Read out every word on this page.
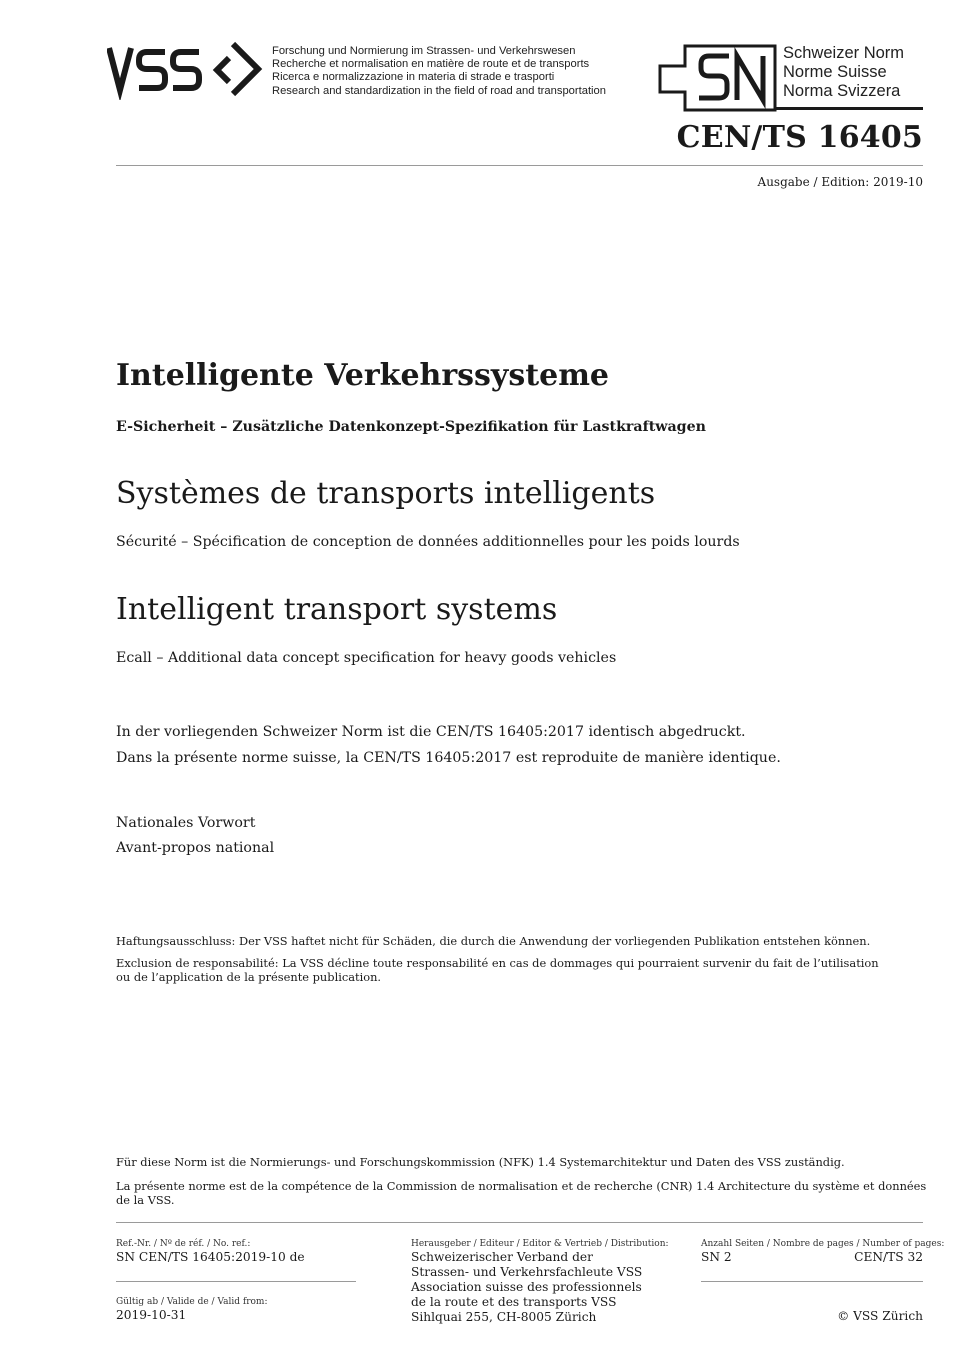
Forschung und Normierung im Strassen- und Verkehrswesen
Recherche et normalisation en matière de route et de transports
Ricerca e normalizzazione in materia di strade e trasporti
Research and standardization in the field of road and transportation
Schweizer Norm
Norme Suisse
Norma Svizzera
CEN/TS 16405
Ausgabe / Edition: 2019-10
Intelligente Verkehrssysteme
E-Sicherheit – Zusätzliche Datenkonzept-Spezifikation für Lastkraftwagen
Systèmes de transports intelligents
Sécurité – Spécification de conception de données additionnelles pour les poids lourds
Intelligent transport systems
Ecall – Additional data concept specification for heavy goods vehicles
In der vorliegenden Schweizer Norm ist die CEN/TS 16405:2017 identisch abgedruckt.
Dans la présente norme suisse, la CEN/TS 16405:2017 est reproduite de manière identique.
Nationales Vorwort
Avant-propos national
Haftungsausschluss: Der VSS haftet nicht für Schäden, die durch die Anwendung der vorliegenden Publikation entstehen können.
Exclusion de responsabilité: La VSS décline toute responsabilité en cas de dommages qui pourraient survenir du fait de l’utilisation
ou de l’application de la présente publication.
Für diese Norm ist die Normierungs- und Forschungskommission (NFK) 1.4 Systemarchitektur und Daten des VSS zuständig.
La présente norme est de la compétence de la Commission de normalisation et de recherche (CNR) 1.4 Architecture du système et données
de la VSS.
Ref.-Nr. / Nº de réf. / No. ref.:
SN CEN/TS 16405:2019-10 de
Gültig ab / Valide de / Valid from:
2019-10-31
Herausgeber / Editeur / Editor & Vertrieb / Distribution:
Schweizerischer Verband der
Strassen- und Verkehrsfachleute VSS
Association suisse des professionnels
de la route et des transports VSS
Sihlquai 255, CH-8005 Zürich
Anzahl Seiten / Nombre de pages / Number of pages:
SN 2	CEN/TS 32
© VSS Zürich
